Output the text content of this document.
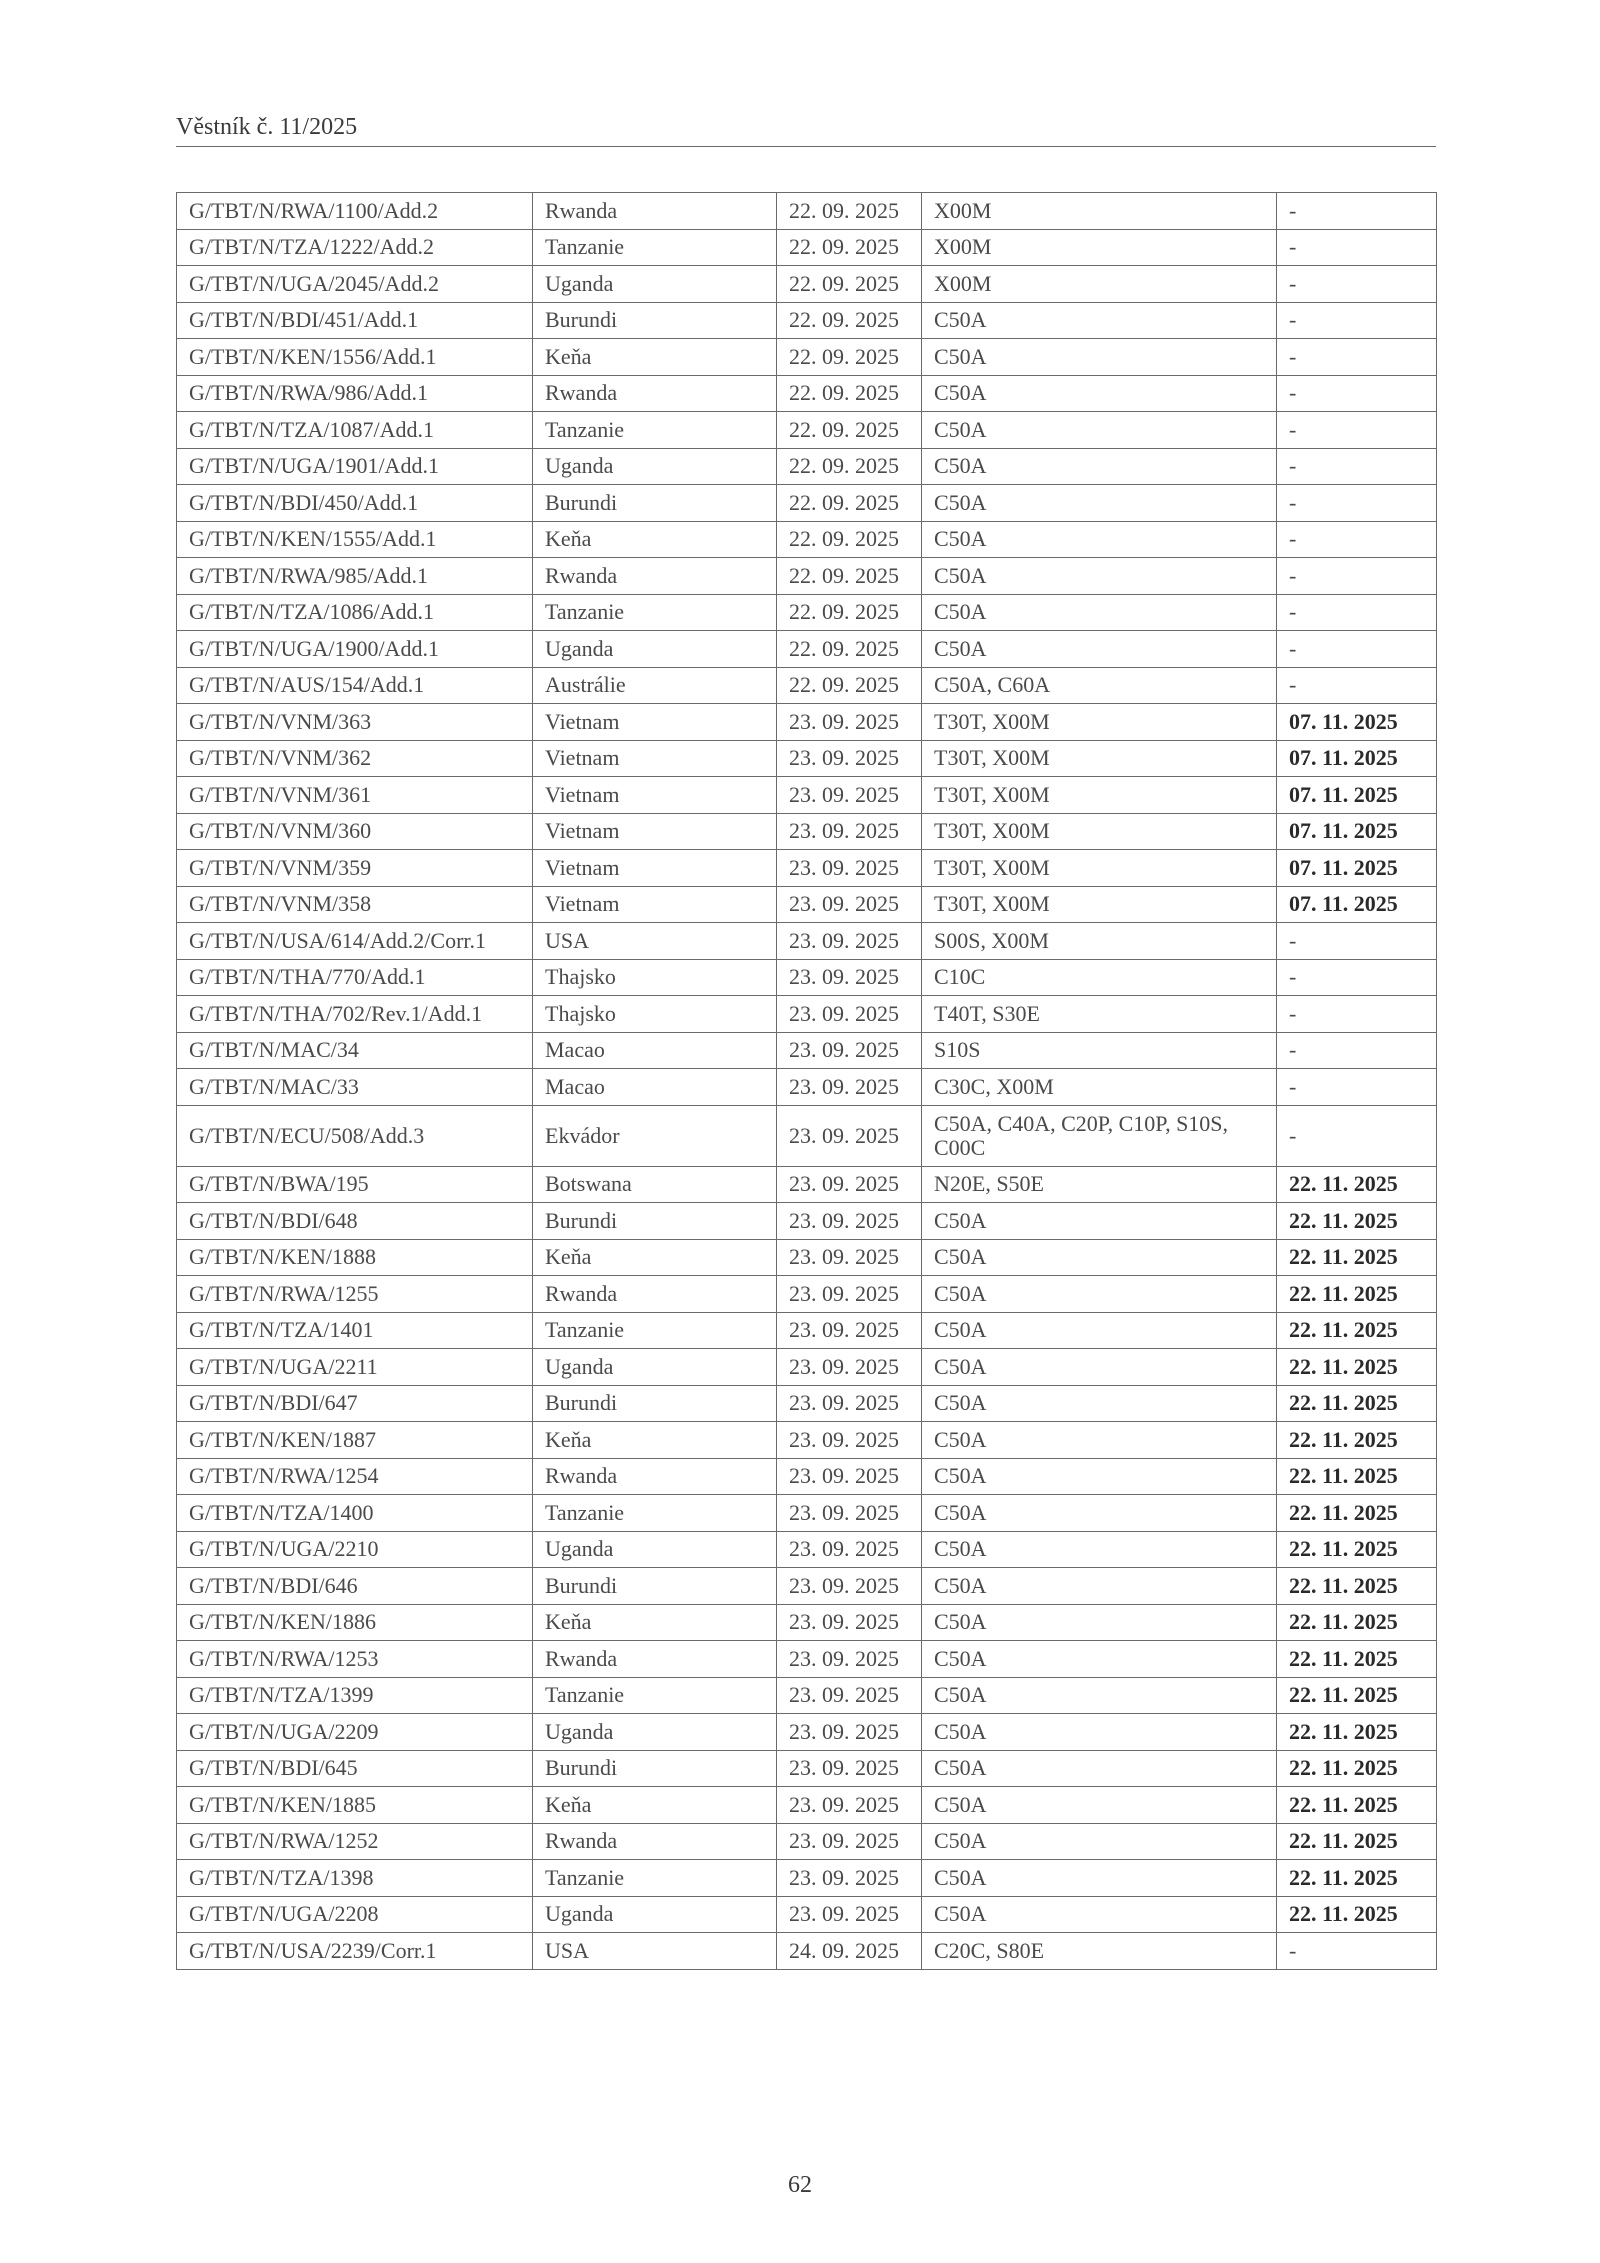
Věstník č. 11/2025
G/TBT/N/RWA/1100/Add.2	Rwanda	22. 09. 2025	X00M	-
G/TBT/N/TZA/1222/Add.2	Tanzanie	22. 09. 2025	X00M	-
G/TBT/N/UGA/2045/Add.2	Uganda	22. 09. 2025	X00M	-
G/TBT/N/BDI/451/Add.1	Burundi	22. 09. 2025	C50A	-
G/TBT/N/KEN/1556/Add.1	Keňa	22. 09. 2025	C50A	-
G/TBT/N/RWA/986/Add.1	Rwanda	22. 09. 2025	C50A	-
G/TBT/N/TZA/1087/Add.1	Tanzanie	22. 09. 2025	C50A	-
G/TBT/N/UGA/1901/Add.1	Uganda	22. 09. 2025	C50A	-
G/TBT/N/BDI/450/Add.1	Burundi	22. 09. 2025	C50A	-
G/TBT/N/KEN/1555/Add.1	Keňa	22. 09. 2025	C50A	-
G/TBT/N/RWA/985/Add.1	Rwanda	22. 09. 2025	C50A	-
G/TBT/N/TZA/1086/Add.1	Tanzanie	22. 09. 2025	C50A	-
G/TBT/N/UGA/1900/Add.1	Uganda	22. 09. 2025	C50A	-
G/TBT/N/AUS/154/Add.1	Austrálie	22. 09. 2025	C50A, C60A	-
G/TBT/N/VNM/363	Vietnam	23. 09. 2025	T30T, X00M	07. 11. 2025
G/TBT/N/VNM/362	Vietnam	23. 09. 2025	T30T, X00M	07. 11. 2025
G/TBT/N/VNM/361	Vietnam	23. 09. 2025	T30T, X00M	07. 11. 2025
G/TBT/N/VNM/360	Vietnam	23. 09. 2025	T30T, X00M	07. 11. 2025
G/TBT/N/VNM/359	Vietnam	23. 09. 2025	T30T, X00M	07. 11. 2025
G/TBT/N/VNM/358	Vietnam	23. 09. 2025	T30T, X00M	07. 11. 2025
G/TBT/N/USA/614/Add.2/Corr.1	USA	23. 09. 2025	S00S, X00M	-
G/TBT/N/THA/770/Add.1	Thajsko	23. 09. 2025	C10C	-
G/TBT/N/THA/702/Rev.1/Add.1	Thajsko	23. 09. 2025	T40T, S30E	-
G/TBT/N/MAC/34	Macao	23. 09. 2025	S10S	-
G/TBT/N/MAC/33	Macao	23. 09. 2025	C30C, X00M	-
G/TBT/N/ECU/508/Add.3	Ekvádor	23. 09. 2025	C50A, C40A, C20P, C10P, S10S, C00C	-
G/TBT/N/BWA/195	Botswana	23. 09. 2025	N20E, S50E	22. 11. 2025
G/TBT/N/BDI/648	Burundi	23. 09. 2025	C50A	22. 11. 2025
G/TBT/N/KEN/1888	Keňa	23. 09. 2025	C50A	22. 11. 2025
G/TBT/N/RWA/1255	Rwanda	23. 09. 2025	C50A	22. 11. 2025
G/TBT/N/TZA/1401	Tanzanie	23. 09. 2025	C50A	22. 11. 2025
G/TBT/N/UGA/2211	Uganda	23. 09. 2025	C50A	22. 11. 2025
G/TBT/N/BDI/647	Burundi	23. 09. 2025	C50A	22. 11. 2025
G/TBT/N/KEN/1887	Keňa	23. 09. 2025	C50A	22. 11. 2025
G/TBT/N/RWA/1254	Rwanda	23. 09. 2025	C50A	22. 11. 2025
G/TBT/N/TZA/1400	Tanzanie	23. 09. 2025	C50A	22. 11. 2025
G/TBT/N/UGA/2210	Uganda	23. 09. 2025	C50A	22. 11. 2025
G/TBT/N/BDI/646	Burundi	23. 09. 2025	C50A	22. 11. 2025
G/TBT/N/KEN/1886	Keňa	23. 09. 2025	C50A	22. 11. 2025
G/TBT/N/RWA/1253	Rwanda	23. 09. 2025	C50A	22. 11. 2025
G/TBT/N/TZA/1399	Tanzanie	23. 09. 2025	C50A	22. 11. 2025
G/TBT/N/UGA/2209	Uganda	23. 09. 2025	C50A	22. 11. 2025
G/TBT/N/BDI/645	Burundi	23. 09. 2025	C50A	22. 11. 2025
G/TBT/N/KEN/1885	Keňa	23. 09. 2025	C50A	22. 11. 2025
G/TBT/N/RWA/1252	Rwanda	23. 09. 2025	C50A	22. 11. 2025
G/TBT/N/TZA/1398	Tanzanie	23. 09. 2025	C50A	22. 11. 2025
G/TBT/N/UGA/2208	Uganda	23. 09. 2025	C50A	22. 11. 2025
G/TBT/N/USA/2239/Corr.1	USA	24. 09. 2025	C20C, S80E	-
62
